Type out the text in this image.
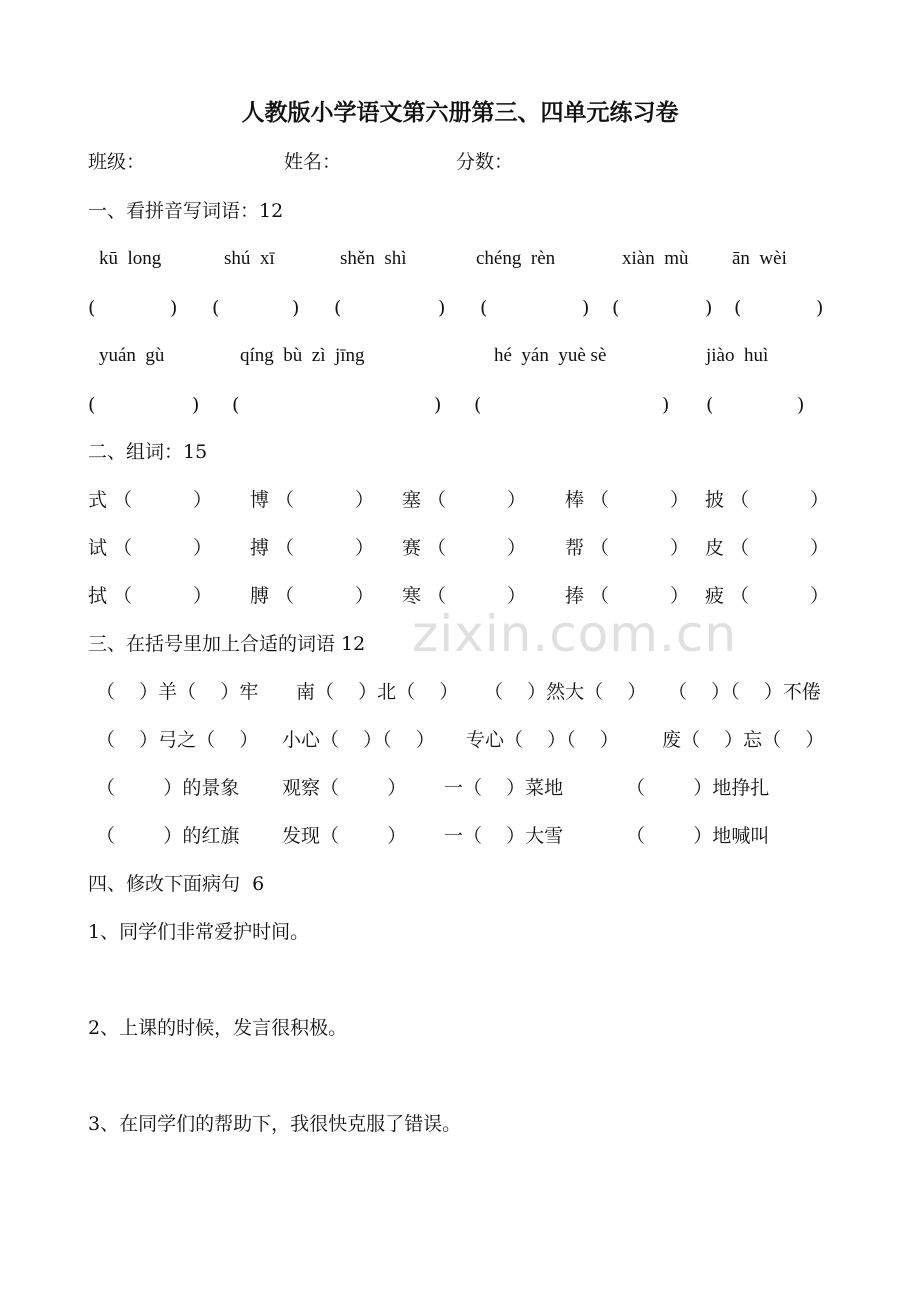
人教版小学语文第六册第三、四单元练习卷
班级：	姓名：	分数：
一、看拼音写词语：12
kū  long	shú  xī	shěn  shì	chéng  rèn	xiàn  mù ān  wèi
(	) (	) (	) (	) (	) (	)
yuán  gù	qíng  bù  zì  jīng	hé  yán  yuè sè	jiào  huì
(	) (	) (	) (	)
二、组词：15
式 （	） 博 （	） 塞 （	） 棒 （	） 披 （	）
试 （	） 搏 （	） 赛 （	） 帮 （	） 皮 （	）
拭 （	） 膊 （	） 寒 （	） 捧 （	） 疲 （	）
zixin.com.cn
三、在括号里加上合适的词语 12
（    ）羊（    ）牢 南（    ）北（    ） （    ）然大（    ） （    ）（    ）不倦
（    ）弓之（    ） 小心（    ）（    ） 专心（    ）（    ） 废（    ）忘（    ）
（        ）的景象 观察（        ） 一（    ）菜地	（        ）地挣扎
（        ）的红旗 发现（        ） 一（    ）大雪	（        ）地喊叫
四、修改下面病句  6
1、同学们非常爱护时间。
2、上课的时候，发言很积极。
3、在同学们的帮助下，我很快克服了错误。
